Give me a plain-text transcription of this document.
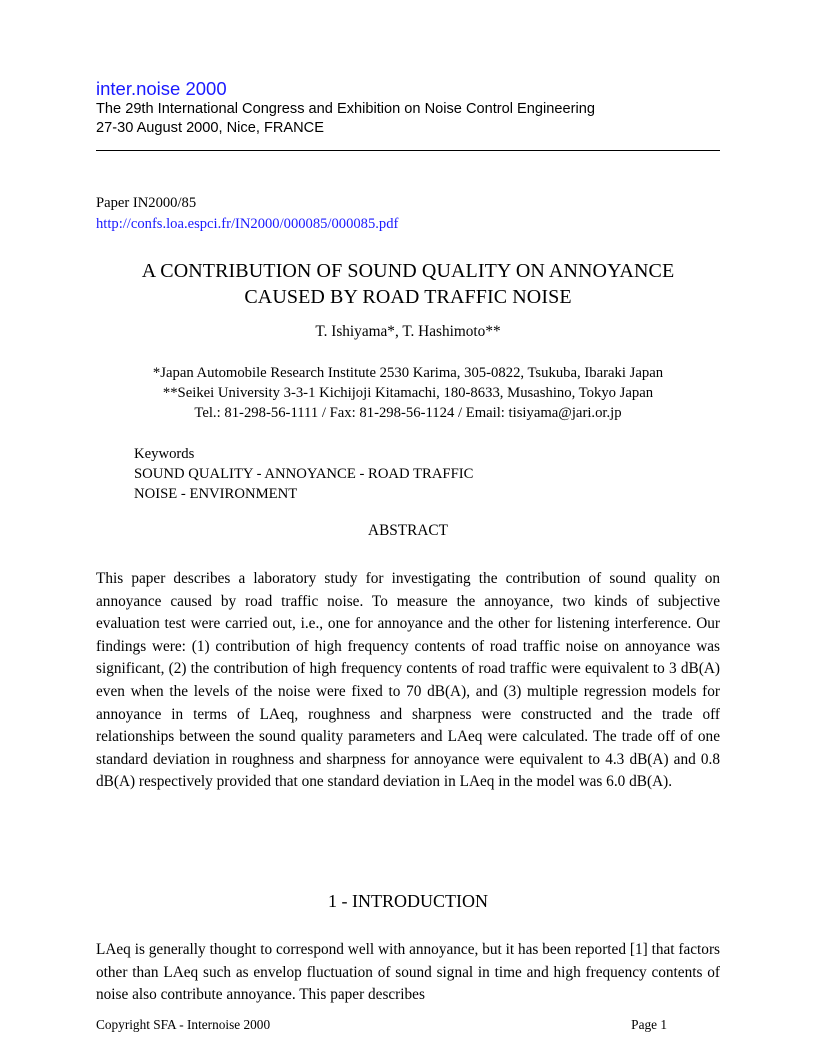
inter.noise 2000
The 29th International Congress and Exhibition on Noise Control Engineering
27-30 August 2000, Nice, FRANCE
Paper IN2000/85
http://confs.loa.espci.fr/IN2000/000085/000085.pdf
A CONTRIBUTION OF SOUND QUALITY ON ANNOYANCE
CAUSED BY ROAD TRAFFIC NOISE
T. Ishiyama*, T. Hashimoto**
*Japan Automobile Research Institute 2530 Karima, 305-0822, Tsukuba, Ibaraki Japan
**Seikei University 3-3-1 Kichijoji Kitamachi, 180-8633, Musashino, Tokyo Japan
Tel.: 81-298-56-1111 / Fax: 81-298-56-1124 / Email: tisiyama@jari.or.jp
Keywords
SOUND QUALITY - ANNOYANCE - ROAD TRAFFIC
NOISE - ENVIRONMENT
ABSTRACT
This paper describes a laboratory study for investigating the contribution of sound quality on annoyance caused by road traffic noise. To measure the annoyance, two kinds of subjective evaluation test were carried out, i.e., one for annoyance and the other for listening interference. Our findings were: (1) contribution of high frequency contents of road traffic noise on annoyance was significant, (2) the contribution of high frequency contents of road traffic were equivalent to 3 dB(A) even when the levels of the noise were fixed to 70 dB(A), and (3) multiple regression models for annoyance in terms of LAeq, roughness and sharpness were constructed and the trade off relationships between the sound quality parameters and LAeq were calculated. The trade off of one standard deviation in roughness and sharpness for annoyance were equivalent to 4.3 dB(A) and 0.8 dB(A) respectively provided that one standard deviation in LAeq in the model was 6.0 dB(A).
1 - INTRODUCTION
LAeq is generally thought to correspond well with annoyance, but it has been reported [1] that factors other than LAeq such as envelop fluctuation of sound signal in time and high frequency contents of noise also contribute annoyance. This paper describes
Copyright SFA - Internoise 2000	Page 1
